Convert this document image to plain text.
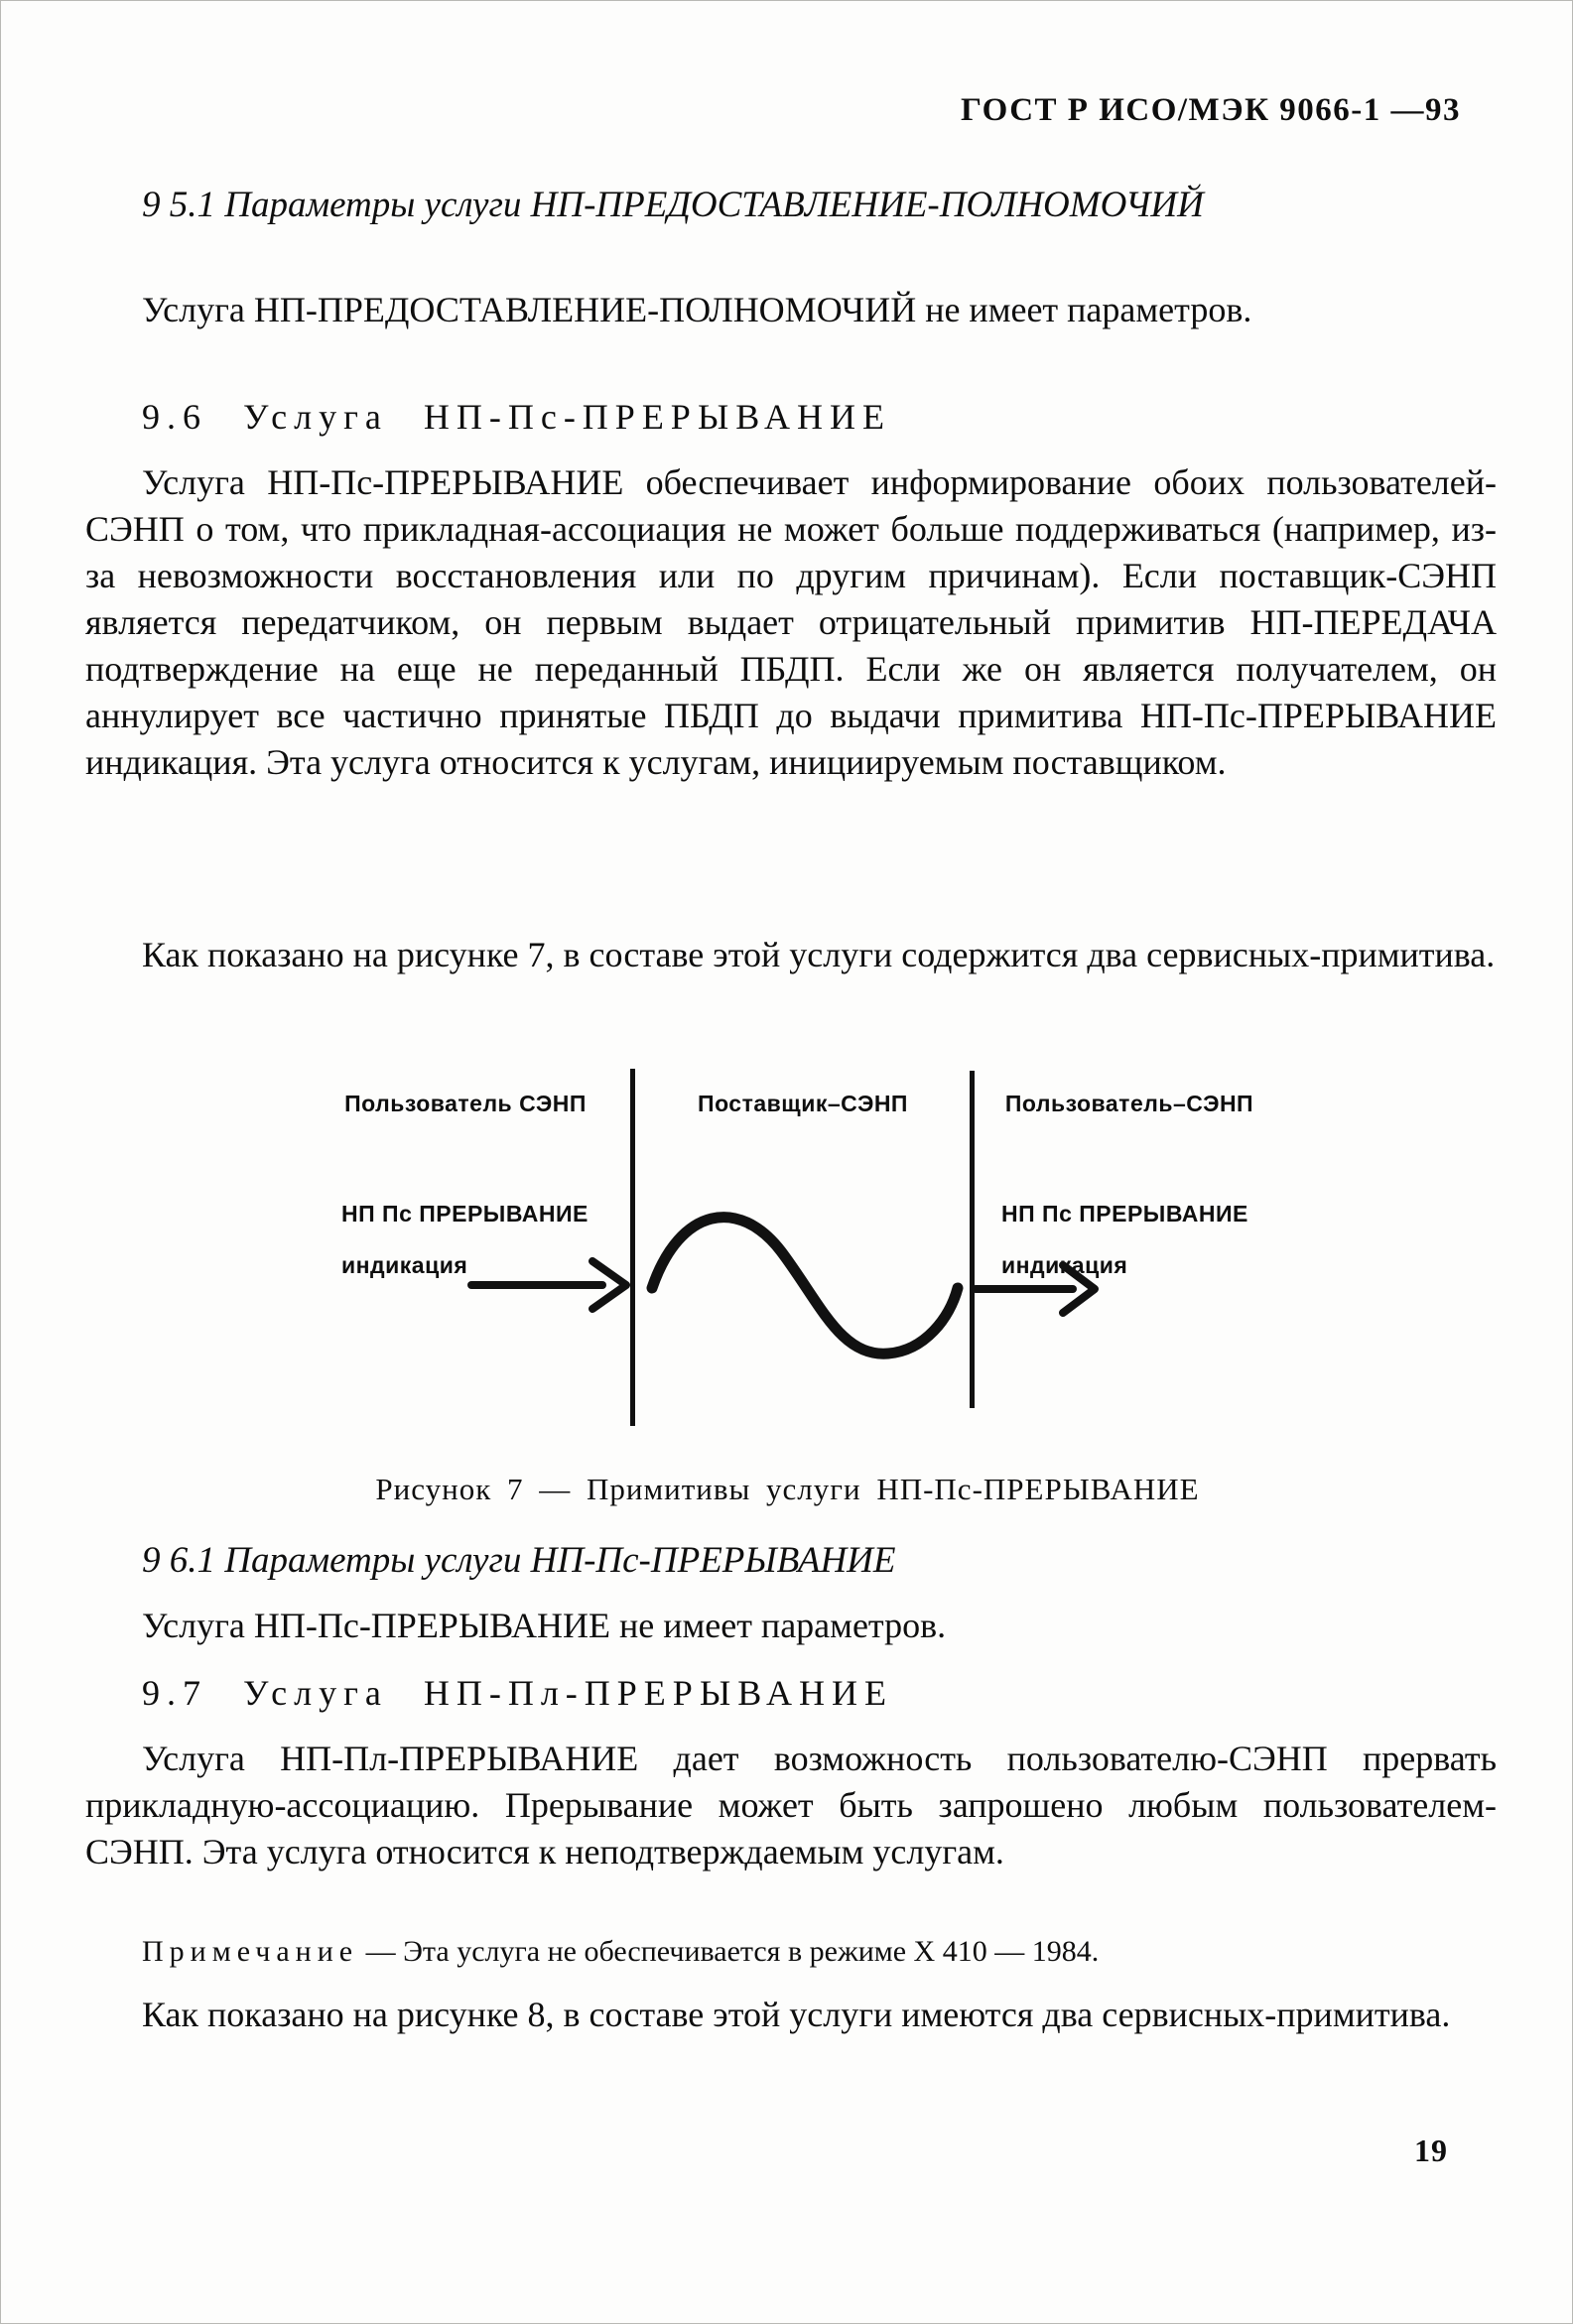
ГОСТ Р ИСО/МЭК 9066-1 —93
9 5.1 Параметры услуги НП-ПРЕДОСТАВЛЕНИЕ-ПОЛНОМОЧИЙ
Услуга НП-ПРЕДОСТАВЛЕНИЕ-ПОЛНОМОЧИЙ не имеет параметров.
9.6 Услуга НП-Пс-ПРЕРЫВАНИЕ
Услуга НП-Пс-ПРЕРЫВАНИЕ обеспечивает информирование обоих пользователей-СЭНП о том, что прикладная-ассоциация не может больше поддерживаться (например, из-за невозможности восстановления или по другим причинам). Если поставщик-СЭНП является передатчиком, он первым выдает отрицательный примитив НП-ПЕРЕДАЧА подтверждение на еще не переданный ПБДП. Если же он является получателем, он аннулирует все частично принятые ПБДП до выдачи примитива НП-Пс-ПРЕРЫВАНИЕ индикация. Эта услуга относится к услугам, инициируемым поставщиком.
Как показано на рисунке 7, в составе этой услуги содержится два сервисных-примитива.
Пользователь СЭНП	Поставщик–СЭНП	Пользователь–СЭНП
НП Пс ПРЕРЫВАНИЕ
индикация
НП Пс ПРЕРЫВАНИЕ
индикация
Рисунок 7 — Примитивы услуги НП-Пс-ПРЕРЫВАНИЕ
9 6.1 Параметры услуги НП-Пс-ПРЕРЫВАНИЕ
Услуга НП-Пс-ПРЕРЫВАНИЕ не имеет параметров.
9.7 Услуга НП-Пл-ПРЕРЫВАНИЕ
Услуга НП-Пл-ПРЕРЫВАНИЕ дает возможность пользователю-СЭНП прервать прикладную-ассоциацию. Прерывание может быть запрошено любым пользователем-СЭНП. Эта услуга относится к неподтверждаемым услугам.
Примечание — Эта услуга не обеспечивается в режиме X 410 — 1984.
Как показано на рисунке 8, в составе этой услуги имеются два сервисных-примитива.
19
